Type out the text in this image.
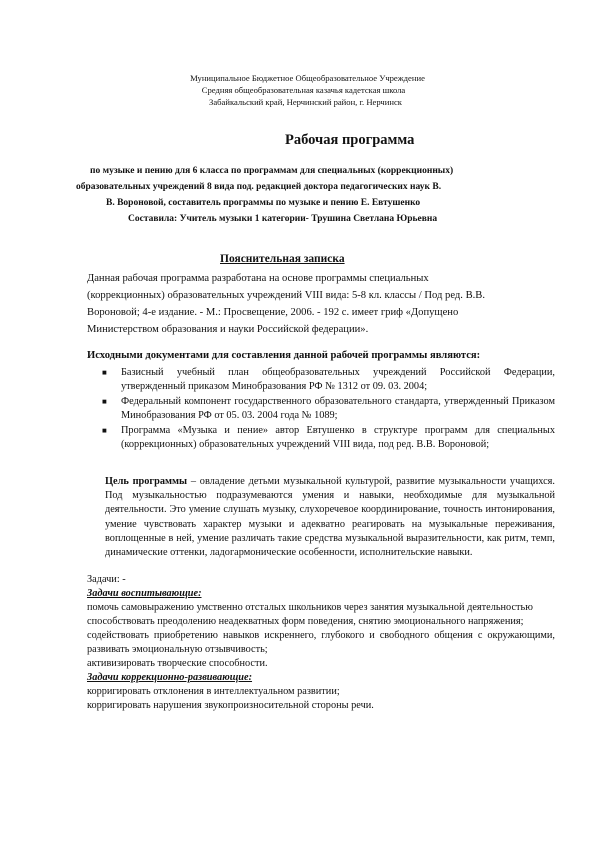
Муниципальное Бюджетное Общеобразовательное Учреждение
Средняя общеобразовательная казачья кадетская школа
Забайкальский край, Нерчинский район, г. Нерчинск
Рабочая программа
по музыке и пению для 6 класса по программам для специальных (коррекционных)
образовательных учреждений 8 вида под. редакцией доктора педагогических наук В.
В. Вороновой, составитель программы по музыке и пению Е. Евтушенко
Составила: Учитель музыки 1 категории- Трушина Светлана Юрьевна
Пояснительная записка
Данная рабочая программа разработана на основе программы специальных
(коррекционных) образовательных учреждений VIII вида: 5-8 кл. классы / Под ред. В.В.
Вороновой; 4-е издание. - М.: Просвещение, 2006. - 192 с. имеет гриф «Допущено
Министерством образования и науки Российской федерации».
Исходными документами для составления данной рабочей программы являются:
■ Базисный учебный план общеобразовательных учреждений Российской Федерации, утвержденный приказом Минобразования РФ № 1312 от 09. 03. 2004;
■ Федеральный компонент государственного образовательного стандарта, утвержденный Приказом Минобразования РФ от 05. 03. 2004 года № 1089;
■ Программа «Музыка и пение» автор Евтушенко в структуре программ для специальных (коррекционных) образовательных учреждений VIII вида, под ред. В.В. Вороновой;
Цель программы – овладение детьми музыкальной культурой, развитие музыкальности учащихся. Под музыкальностью подразумеваются умения и навыки, необходимые для музыкальной деятельности. Это умение слушать музыку, слухоречевое координирование, точность интонирования, умение чувствовать характер музыки и адекватно реагировать на музыкальные переживания, воплощенные в ней, умение различать такие средства музыкальной выразительности, как ритм, темп, динамические оттенки, ладогармонические особенности, исполнительские навыки.
Задачи: -
Задачи воспитывающие:
помочь самовыражению умственно отсталых школьников через занятия музыкальной деятельностью
способствовать преодолению неадекватных форм поведения, снятию эмоционального напряжения;
содействовать приобретению навыков искреннего, глубокого и свободного общения с окружающими, развивать эмоциональную отзывчивость;
активизировать творческие способности.
Задачи коррекционно-развивающие:
корригировать отклонения в интеллектуальном развитии;
корригировать нарушения звукопроизносительной стороны речи.
